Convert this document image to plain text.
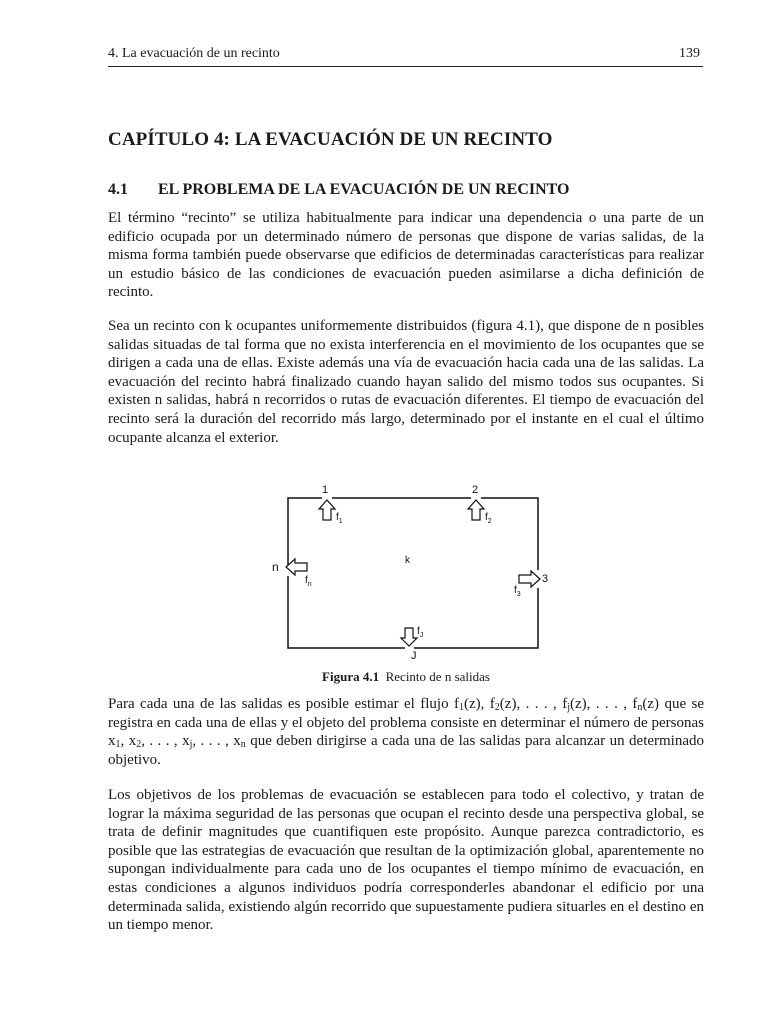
4. La evacuación de un recinto	139
CAPÍTULO 4: LA EVACUACIÓN DE UN RECINTO
4.1 EL PROBLEMA DE LA EVACUACIÓN DE UN RECINTO

El término “recinto” se utiliza habitualmente para indicar una dependencia o una parte de un edificio ocupada por un determinado número de personas que dispone de varias salidas, de la misma forma también puede observarse que edificios de determinadas características para realizar un estudio básico de las condiciones de evacuación pueden asimilarse a dicha definición de recinto.

Sea un recinto con k ocupantes uniformemente distribuidos (figura 4.1), que dispone de n posibles salidas situadas de tal forma que no exista interferencia en el movimiento de los ocupantes que se dirigen a cada una de ellas. Existe además una vía de evacuación hacia cada una de las salidas. La evacuación del recinto habrá finalizado cuando hayan salido del mismo todos sus ocupantes. Si existen n salidas, habrá n recorridos o rutas de evacuación diferentes. El tiempo de evacuación del recinto será la duración del recorrido más largo, determinado por el instante en el cual el último ocupante alcanza el exterior.

1
$f_1$
2
$f_2$
3
$f_3$
J
$f_J$
n
$f_n$
k

Figura 4.1 Recinto de n salidas

Para cada una de las salidas es posible estimar el flujo $f_1(z)$, $f_2(z)$, . . . , $f_j(z)$, . . . , $f_n(z)$ que se registra en cada una de ellas y el objeto del problema consiste en determinar el número de personas $x_1$, $x_2$, . . . , $x_j$, . . . , $x_n$ que deben dirigirse a cada una de las salidas para alcanzar un determinado objetivo.

Los objetivos de los problemas de evacuación se establecen para todo el colectivo, y tratan de lograr la máxima seguridad de las personas que ocupan el recinto desde una perspectiva global, se trata de definir magnitudes que cuantifiquen este propósito. Aunque parezca contradictorio, es posible que las estrategias de evacuación que resultan de la optimización global, aparentemente no supongan individualmente para cada uno de los ocupantes el tiempo mínimo de evacuación, en estas condiciones a algunos individuos podría corresponderles abandonar el edificio por una determinada salida, existiendo algún recorrido que supuestamente pudiera situarles en el destino en un tiempo menor.
